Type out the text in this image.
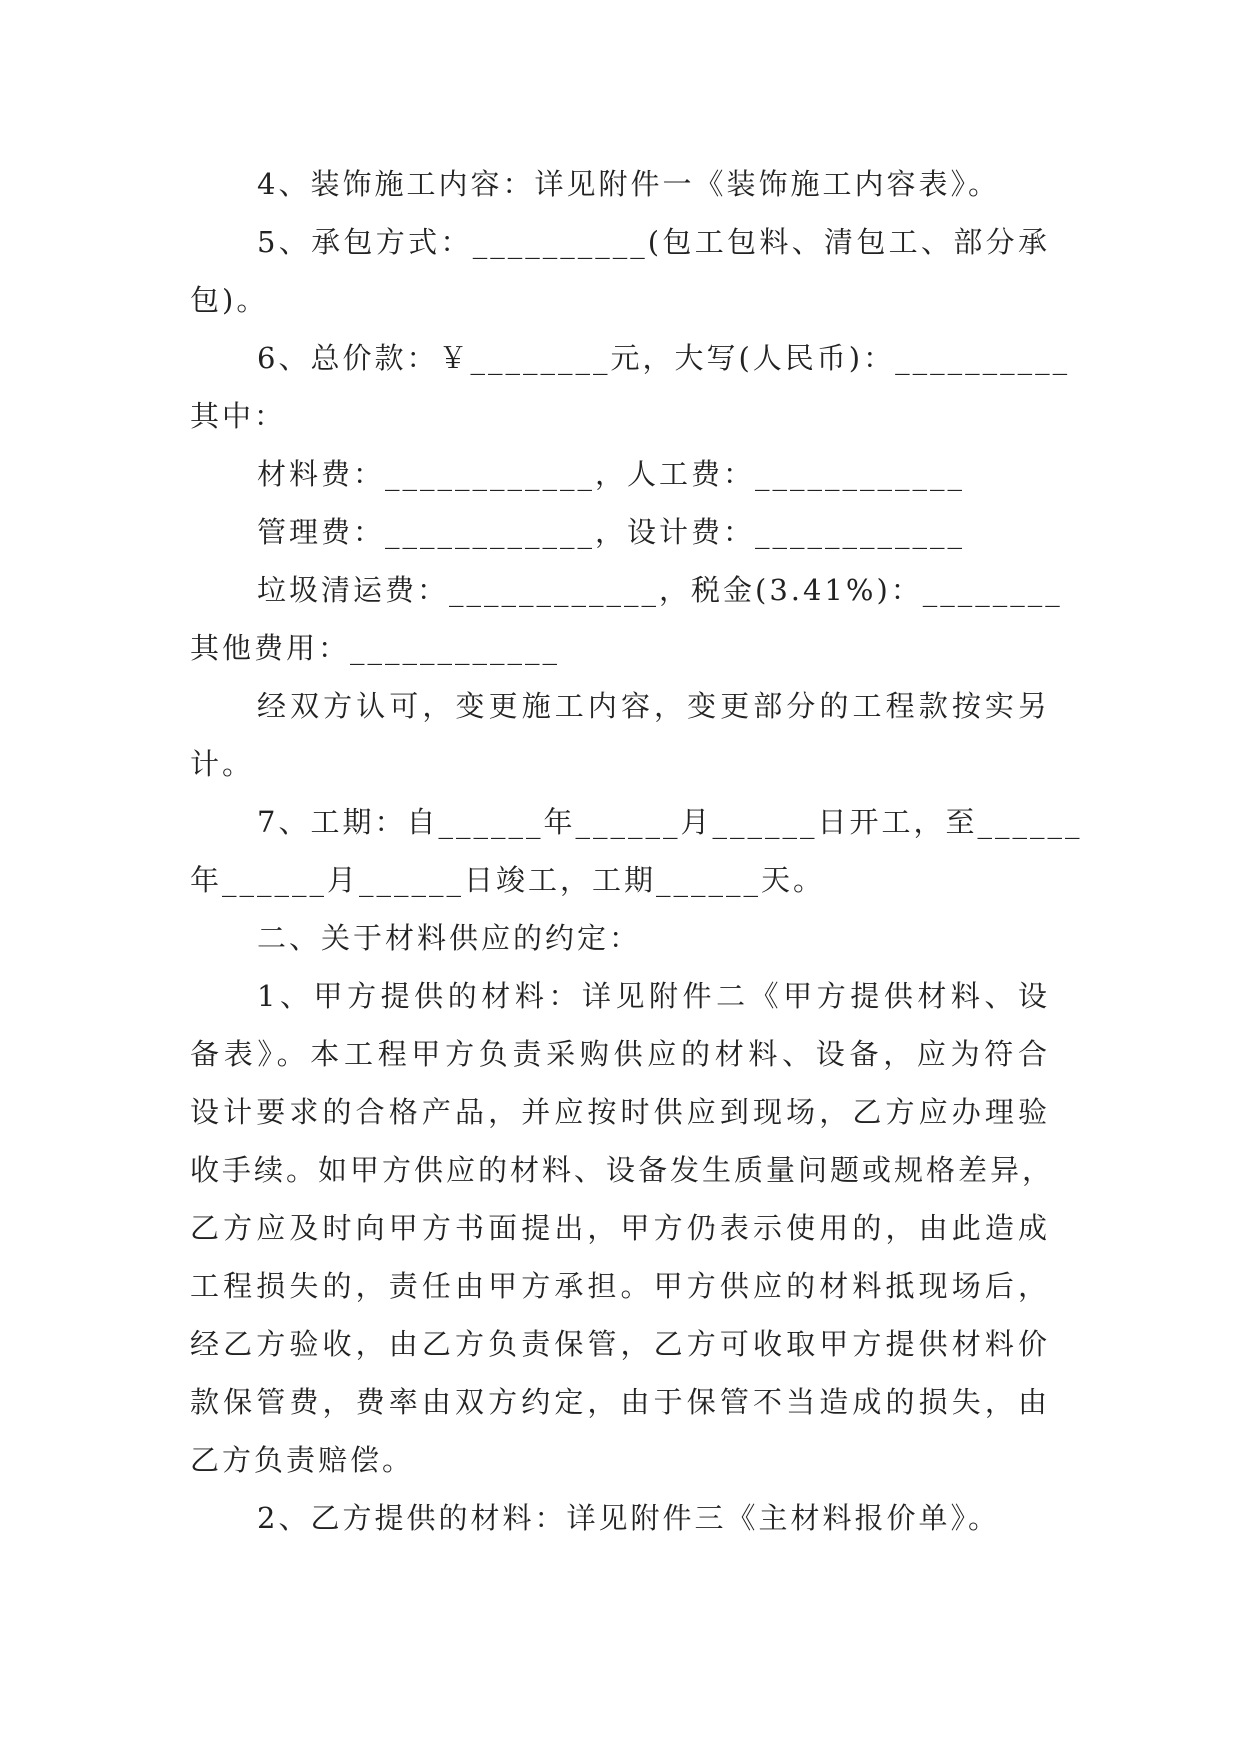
4、装饰施工内容：详见附件一《装饰施工内容表》。
5、承包方式：__________(包工包料、清包工、部分承
包)。
6、总价款：￥________元，大写(人民币)：__________
其中：
材料费：____________，人工费：____________
管理费：____________，设计费：____________
垃圾清运费：____________，税金(3.41%)：________
其他费用：____________
经双方认可，变更施工内容，变更部分的工程款按实另
计。
7、工期：自______年______月______日开工，至______
年______月______日竣工，工期______天。
二、关于材料供应的约定：
1、甲方提供的材料：详见附件二《甲方提供材料、设
备表》。本工程甲方负责采购供应的材料、设备，应为符合
设计要求的合格产品，并应按时供应到现场，乙方应办理验
收手续。如甲方供应的材料、设备发生质量问题或规格差异，
乙方应及时向甲方书面提出，甲方仍表示使用的，由此造成
工程损失的，责任由甲方承担。甲方供应的材料抵现场后，
经乙方验收，由乙方负责保管，乙方可收取甲方提供材料价
款保管费，费率由双方约定，由于保管不当造成的损失，由
乙方负责赔偿。
2、乙方提供的材料：详见附件三《主材料报价单》。
